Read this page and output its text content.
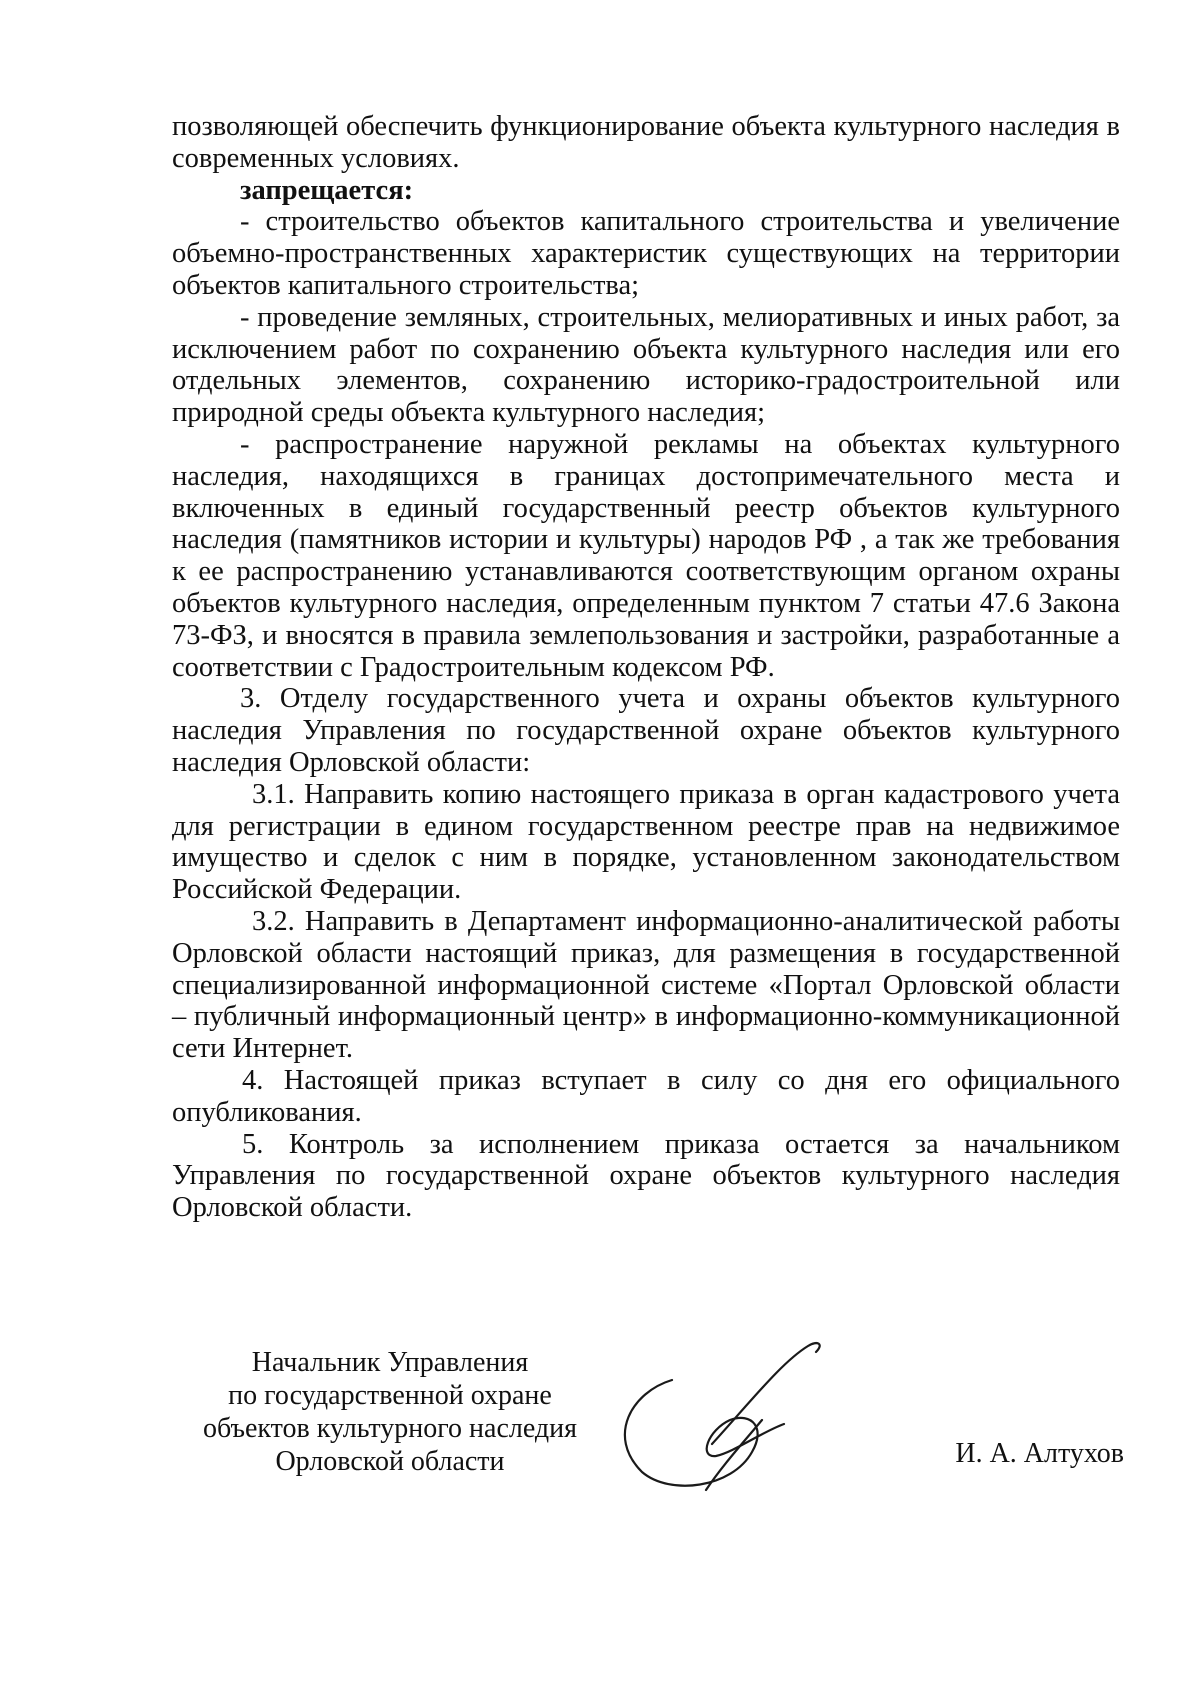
позволяющей обеспечить функционирование объекта культурного наследия в современных условиях.

запрещается:

- строительство объектов капитального строительства и увеличение объемно-пространственных характеристик существующих на территории объектов капитального строительства;

- проведение земляных, строительных, мелиоративных и иных работ, за исключением работ по сохранению объекта культурного наследия или его отдельных элементов, сохранению историко-градостроительной или природной среды объекта культурного наследия;

- распространение наружной рекламы на объектах культурного наследия, находящихся в границах достопримечательного места и включенных в единый государственный реестр объектов культурного наследия (памятников истории и культуры) народов РФ , а так же требования к ее распространению устанавливаются соответствующим органом охраны объектов культурного наследия, определенным пунктом 7 статьи 47.6 Закона 73-ФЗ, и вносятся в правила землепользования и застройки, разработанные а соответствии с Градостроительным кодексом РФ.

3. Отделу государственного учета и охраны объектов культурного наследия Управления по государственной охране объектов культурного наследия Орловской области:

3.1. Направить копию настоящего приказа в орган кадастрового учета для регистрации в едином государственном реестре прав на недвижимое имущество и сделок с ним в порядке, установленном законодательством Российской Федерации.

3.2. Направить в Департамент информационно-аналитической работы Орловской области настоящий приказ, для размещения в государственной специализированной информационной системе «Портал Орловской области – публичный информационный центр» в информационно-коммуникационной сети Интернет.

4. Настоящей приказ вступает в силу со дня его официального опубликования.

5. Контроль за исполнением приказа остается за начальником Управления по государственной охране объектов культурного наследия Орловской области.

Начальник Управления
по государственной охране
объектов культурного наследия
Орловской области	И. А. Алтухов
